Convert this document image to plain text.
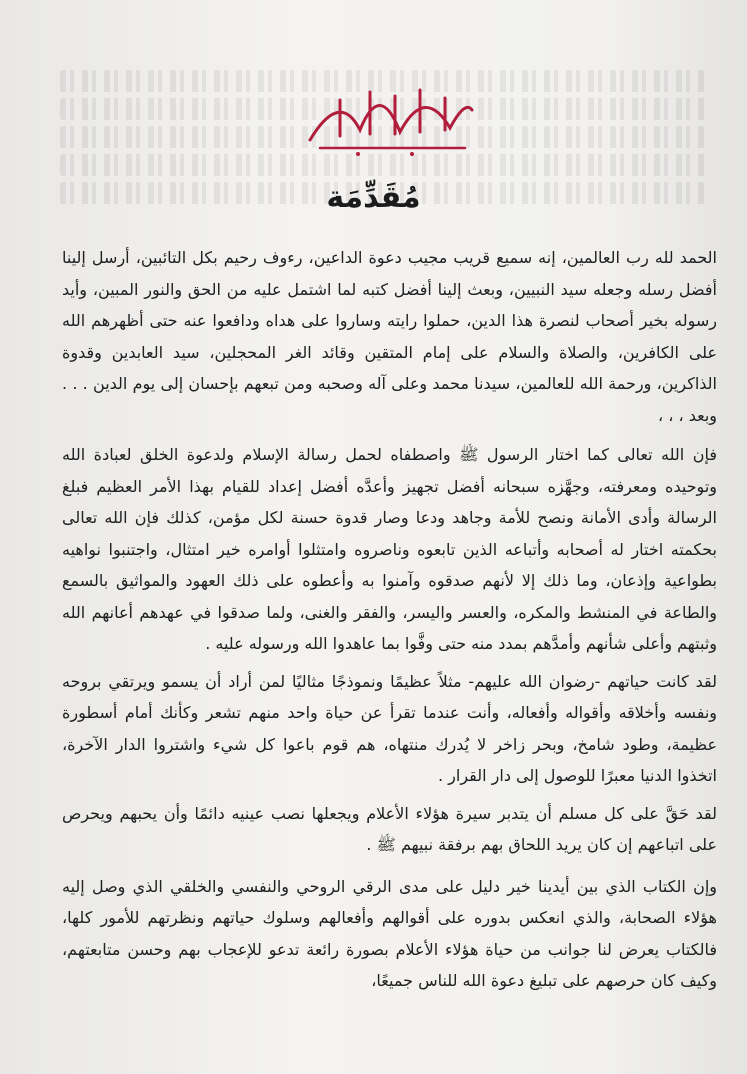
مُقَدِّمَة

الحمد لله رب العالمين، إنه سميع قريب مجيب دعوة الداعين، رءوف رحيم بكل التائبين، أرسل إلينا أفضل رسله وجعله سيد النبيين، وبعث إلينا أفضل كتبه لما اشتمل عليه من الحق والنور المبين، وأيد رسوله بخير أصحاب لنصرة هذا الدين، حملوا رايته وساروا على هداه ودافعوا عنه حتى أظهرهم الله على الكافرين، والصلاة والسلام على إمام المتقين وقائد الغر المحجلين، سيد العابدين وقدوة الذاكرين، ورحمة الله للعالمين، سيدنا محمد وعلى آله وصحبه ومن تبعهم بإحسان إلى يوم الدين . . . وبعد ، ، ،

فإن الله تعالى كما اختار الرسول ﷺ واصطفاه لحمل رسالة الإسلام ولدعوة الخلق لعبادة الله وتوحيده ومعرفته، وجهَّزه سبحانه أفضل تجهيز وأعدَّه أفضل إعداد للقيام بهذا الأمر العظيم فبلغ الرسالة وأدى الأمانة ونصح للأمة وجاهد ودعا وصار قدوة حسنة لكل مؤمن، كذلك فإن الله تعالى بحكمته اختار له أصحابه وأتباعه الذين تابعوه وناصروه وامتثلوا أوامره خير امتثال، واجتنبوا نواهيه بطواعية وإذعان، وما ذلك إلا لأنهم صدقوه وآمنوا به وأعطوه على ذلك العهود والمواثيق بالسمع والطاعة في المنشط والمكره، والعسر واليسر، والفقر والغنى، ولما صدقوا في عهدهم أعانهم الله وثبتهم وأعلى شأنهم وأمدَّهم بمدد منه حتى وفَّوا بما عاهدوا الله ورسوله عليه .

لقد كانت حياتهم -رضوان الله عليهم- مثلاً عظيمًا ونموذجًا مثاليًا لمن أراد أن يسمو ويرتقي بروحه ونفسه وأخلاقه وأقواله وأفعاله، وأنت عندما تقرأ عن حياة واحد منهم تشعر وكأنك أمام أسطورة عظيمة، وطود شامخ، وبحر زاخر لا يُدرك منتهاه، هم قوم باعوا كل شيء واشتروا الدار الآخرة، اتخذوا الدنيا معبرًا للوصول إلى دار القرار .

لقد حَقَّ على كل مسلم أن يتدبر سيرة هؤلاء الأعلام ويجعلها نصب عينيه دائمًا وأن يحبهم ويحرص على اتباعهم إن كان يريد اللحاق بهم برفقة نبيهم ﷺ .

وإن الكتاب الذي بين أيدينا خير دليل على مدى الرقي الروحي والنفسي والخلقي الذي وصل إليه هؤلاء الصحابة، والذي انعكس بدوره على أقوالهم وأفعالهم وسلوك حياتهم ونظرتهم للأمور كلها، فالكتاب يعرض لنا جوانب من حياة هؤلاء الأعلام بصورة رائعة تدعو للإعجاب بهم وحسن متابعتهم، وكيف كان حرصهم على تبليغ دعوة الله للناس جميعًا،
